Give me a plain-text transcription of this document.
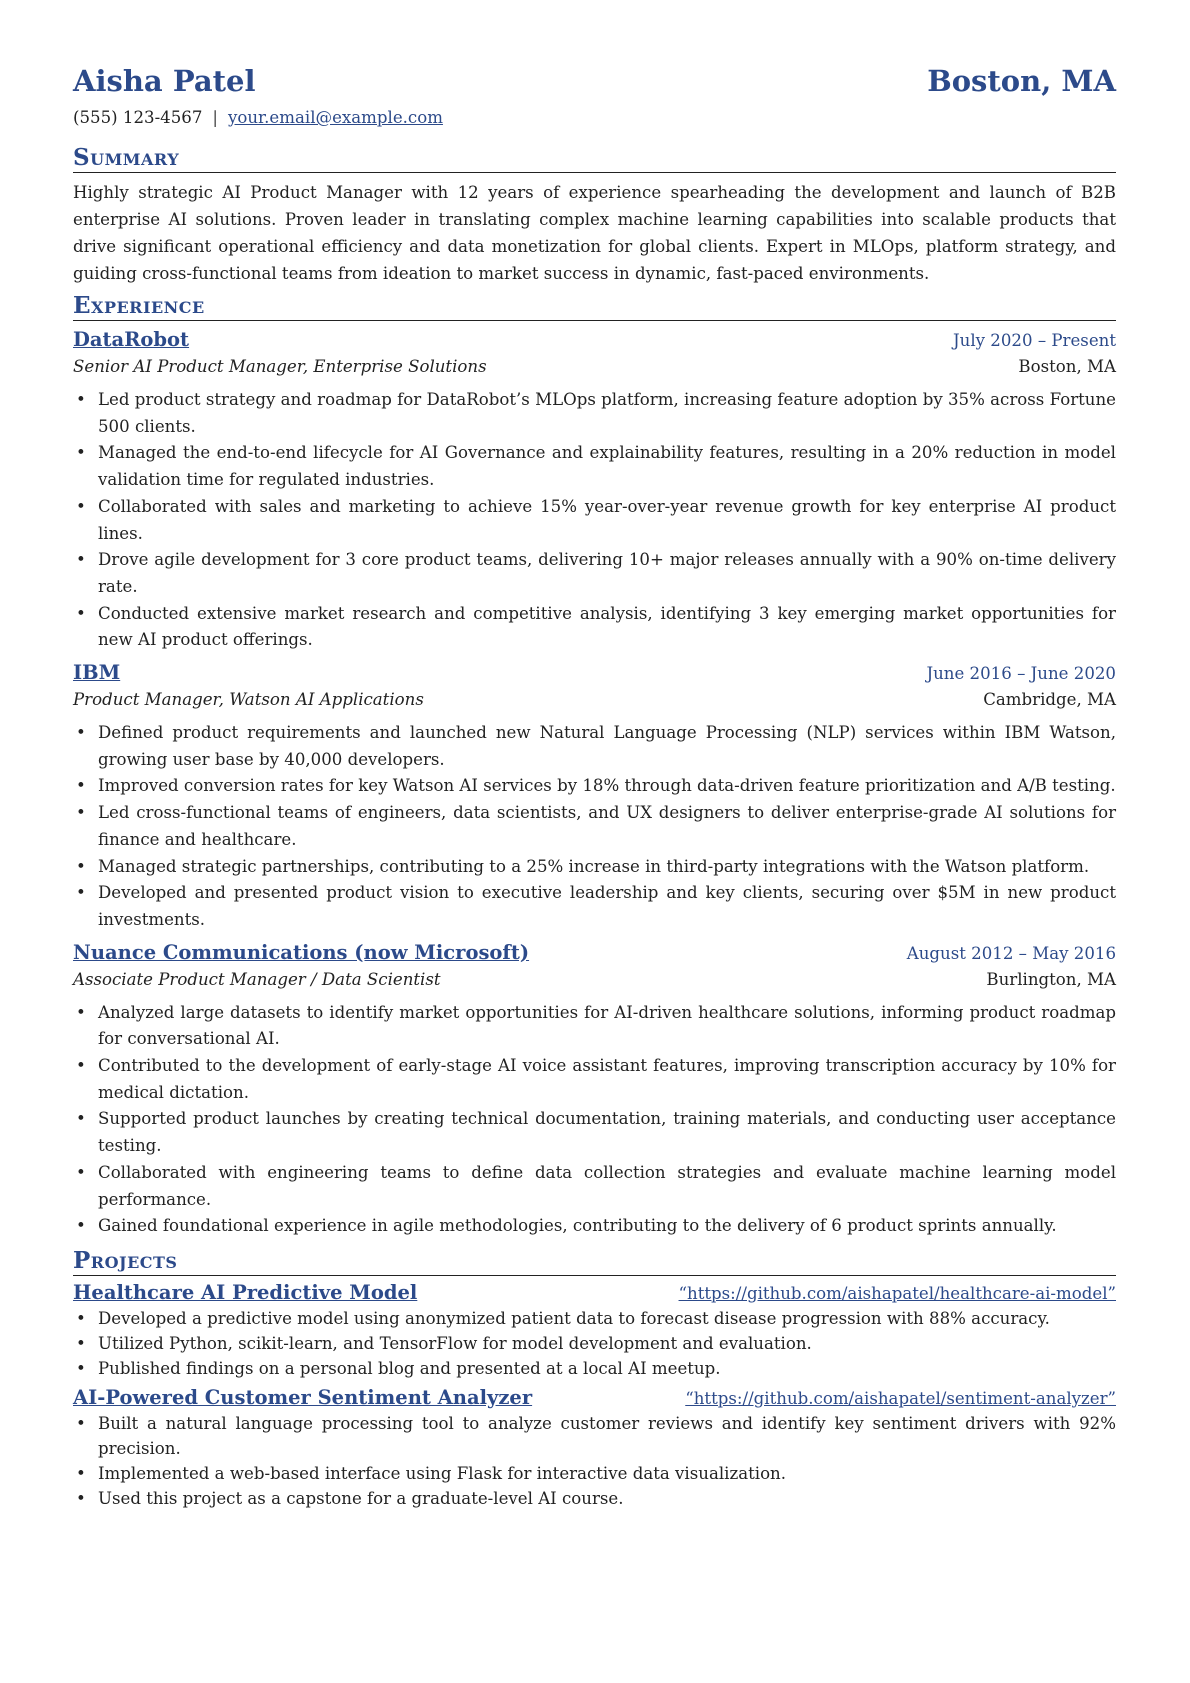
Aisha Patel	Boston, MA
(555) 123-4567 | your.email@example.com
Summary
Highly strategic AI Product Manager with 12 years of experience spearheading the development and launch of B2B enterprise AI solutions. Proven leader in translating complex machine learning capabilities into scalable products that drive significant operational efficiency and data monetization for global clients. Expert in MLOps, platform strategy, and guiding cross-functional teams from ideation to market success in dynamic, fast-paced environments.
Experience
DataRobot	July 2020 – Present
Senior AI Product Manager, Enterprise Solutions	Boston, MA
• Led product strategy and roadmap for DataRobot’s MLOps platform, increasing feature adoption by 35% across Fortune 500 clients.
• Managed the end-to-end lifecycle for AI Governance and explainability features, resulting in a 20% reduction in model validation time for regulated industries.
• Collaborated with sales and marketing to achieve 15% year-over-year revenue growth for key enterprise AI product lines.
• Drove agile development for 3 core product teams, delivering 10+ major releases annually with a 90% on-time delivery rate.
• Conducted extensive market research and competitive analysis, identifying 3 key emerging market opportunities for new AI product offerings.
IBM	June 2016 – June 2020
Product Manager, Watson AI Applications	Cambridge, MA
• Defined product requirements and launched new Natural Language Processing (NLP) services within IBM Watson, growing user base by 40,000 developers.
• Improved conversion rates for key Watson AI services by 18% through data-driven feature prioritization and A/B testing.
• Led cross-functional teams of engineers, data scientists, and UX designers to deliver enterprise-grade AI solutions for finance and healthcare.
• Managed strategic partnerships, contributing to a 25% increase in third-party integrations with the Watson platform.
• Developed and presented product vision to executive leadership and key clients, securing over $5M in new product investments.
Nuance Communications (now Microsoft)	August 2012 – May 2016
Associate Product Manager / Data Scientist	Burlington, MA
• Analyzed large datasets to identify market opportunities for AI-driven healthcare solutions, informing product roadmap for conversational AI.
• Contributed to the development of early-stage AI voice assistant features, improving transcription accuracy by 10% for medical dictation.
• Supported product launches by creating technical documentation, training materials, and conducting user acceptance testing.
• Collaborated with engineering teams to define data collection strategies and evaluate machine learning model performance.
• Gained foundational experience in agile methodologies, contributing to the delivery of 6 product sprints annually.
Projects
Healthcare AI Predictive Model	“https://github.com/aishapatel/healthcare-ai-model”
• Developed a predictive model using anonymized patient data to forecast disease progression with 88% accuracy.
• Utilized Python, scikit-learn, and TensorFlow for model development and evaluation.
• Published findings on a personal blog and presented at a local AI meetup.
AI-Powered Customer Sentiment Analyzer	“https://github.com/aishapatel/sentiment-analyzer”
• Built a natural language processing tool to analyze customer reviews and identify key sentiment drivers with 92% precision.
• Implemented a web-based interface using Flask for interactive data visualization.
• Used this project as a capstone for a graduate-level AI course.
